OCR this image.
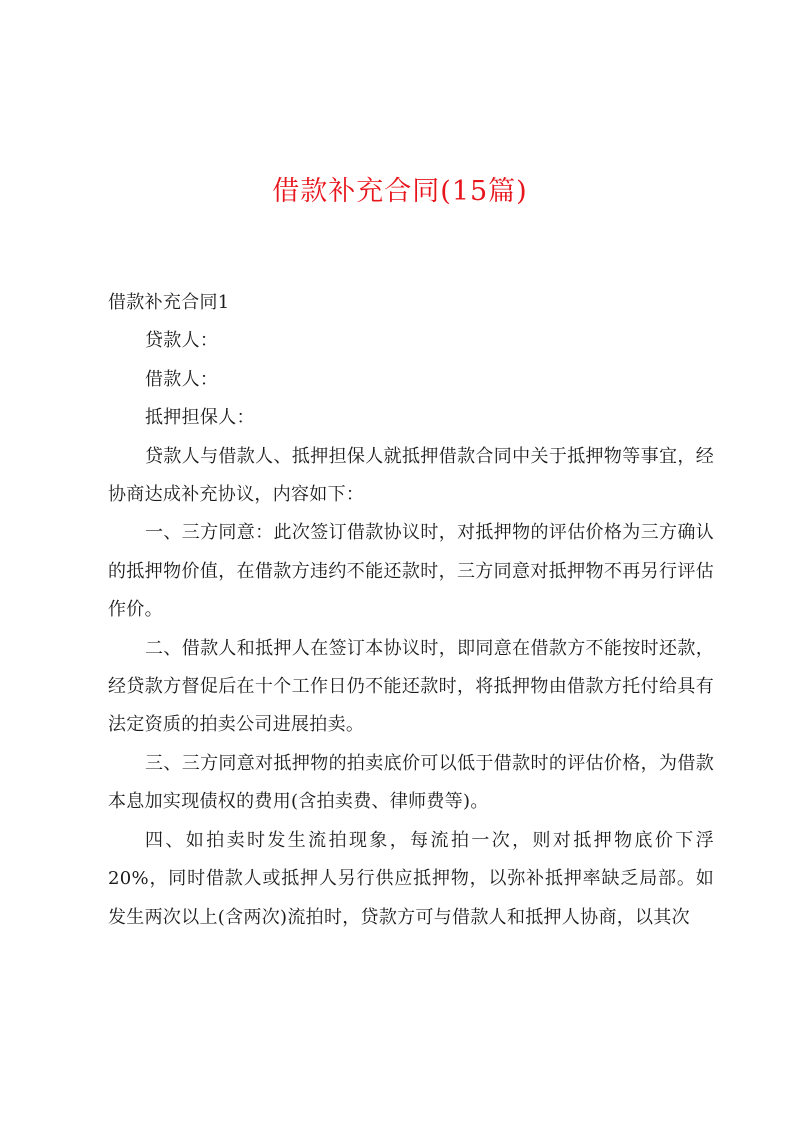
借款补充合同(15篇)

借款补充合同1

贷款人：

借款人：

抵押担保人：

贷款人与借款人、抵押担保人就抵押借款合同中关于抵押物等事宜，经协商达成补充协议，内容如下：

一、三方同意：此次签订借款协议时，对抵押物的评估价格为三方确认的抵押物价值，在借款方违约不能还款时，三方同意对抵押物不再另行评估作价。

二、借款人和抵押人在签订本协议时，即同意在借款方不能按时还款，经贷款方督促后在十个工作日仍不能还款时，将抵押物由借款方托付给具有法定资质的拍卖公司进展拍卖。

三、三方同意对抵押物的拍卖底价可以低于借款时的评估价格，为借款本息加实现债权的费用(含拍卖费、律师费等)。

四、如拍卖时发生流拍现象，每流拍一次，则对抵押物底价下浮20%，同时借款人或抵押人另行供应抵押物，以弥补抵押率缺乏局部。如发生两次以上(含两次)流拍时，贷款方可与借款人和抵押人协商，以其次
